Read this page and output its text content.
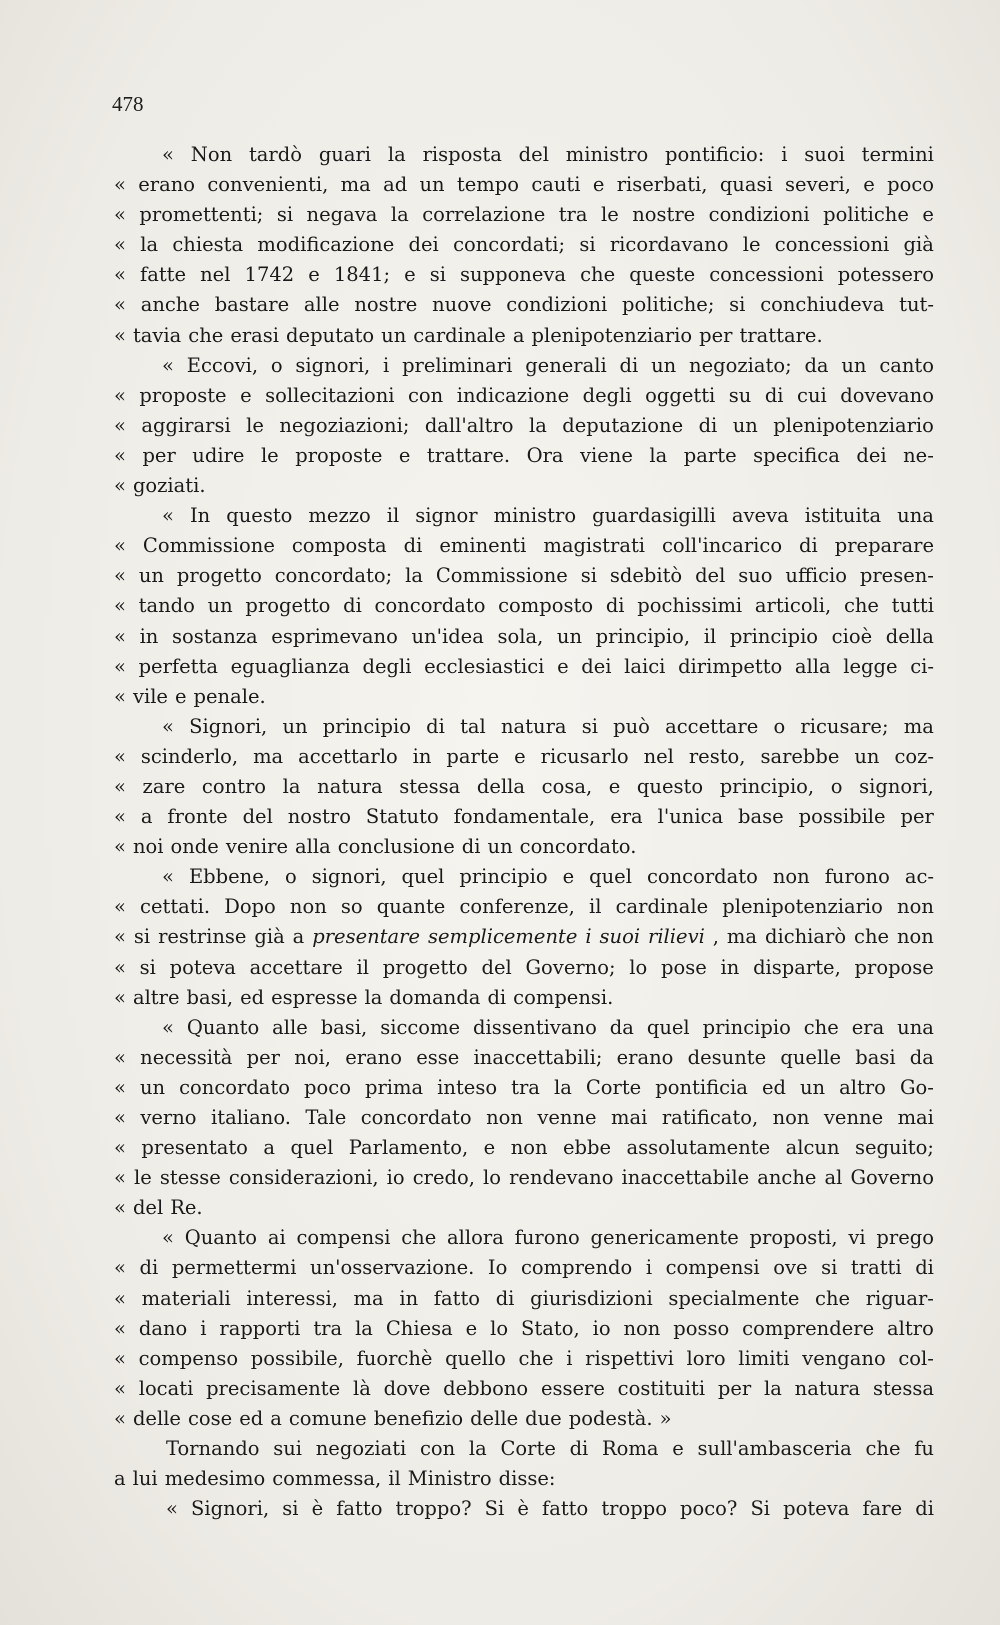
478
« Non tardò guari la risposta del ministro pontificio: i suoi termini
« erano convenienti, ma ad un tempo cauti e riserbati, quasi severi, e poco
« promettenti; si negava la correlazione tra le nostre condizioni politiche e
« la chiesta modificazione dei concordati; si ricordavano le concessioni già
« fatte nel 1742 e 1841; e si supponeva che queste concessioni potessero
« anche bastare alle nostre nuove condizioni politiche; si conchiudeva tut-
« tavia che erasi deputato un cardinale a plenipotenziario per trattare.
« Eccovi, o signori, i preliminari generali di un negoziato; da un canto
« proposte e sollecitazioni con indicazione degli oggetti su di cui dovevano
« aggirarsi le negoziazioni; dall'altro la deputazione di un plenipotenziario
« per udire le proposte e trattare. Ora viene la parte specifica dei ne-
« goziati.
« In questo mezzo il signor ministro guardasigilli aveva istituita una
« Commissione composta di eminenti magistrati coll'incarico di preparare
« un progetto concordato; la Commissione si sdebitò del suo ufficio presen-
« tando un progetto di concordato composto di pochissimi articoli, che tutti
« in sostanza esprimevano un'idea sola, un principio, il principio cioè della
« perfetta eguaglianza degli ecclesiastici e dei laici dirimpetto alla legge ci-
« vile e penale.
« Signori, un principio di tal natura si può accettare o ricusare; ma
« scinderlo, ma accettarlo in parte e ricusarlo nel resto, sarebbe un coz-
« zare contro la natura stessa della cosa, e questo principio, o signori,
« a fronte del nostro Statuto fondamentale, era l'unica base possibile per
« noi onde venire alla conclusione di un concordato.
« Ebbene, o signori, quel principio e quel concordato non furono ac-
« cettati. Dopo non so quante conferenze, il cardinale plenipotenziario non
« si restrinse già a presentare semplicemente i suoi rilievi , ma dichiarò che non
« si poteva accettare il progetto del Governo; lo pose in disparte, propose
« altre basi, ed espresse la domanda di compensi.
« Quanto alle basi, siccome dissentivano da quel principio che era una
« necessità per noi, erano esse inaccettabili; erano desunte quelle basi da
« un concordato poco prima inteso tra la Corte pontificia ed un altro Go-
« verno italiano. Tale concordato non venne mai ratificato, non venne mai
« presentato a quel Parlamento, e non ebbe assolutamente alcun seguito;
« le stesse considerazioni, io credo, lo rendevano inaccettabile anche al Governo
« del Re.
« Quanto ai compensi che allora furono genericamente proposti, vi prego
« di permettermi un'osservazione. Io comprendo i compensi ove si tratti di
« materiali interessi, ma in fatto di giurisdizioni specialmente che riguar-
« dano i rapporti tra la Chiesa e lo Stato, io non posso comprendere altro
« compenso possibile, fuorchè quello che i rispettivi loro limiti vengano col-
« locati precisamente là dove debbono essere costituiti per la natura stessa
« delle cose ed a comune benefizio delle due podestà. »
Tornando sui negoziati con la Corte di Roma e sull'ambasceria che fu
a lui medesimo commessa, il Ministro disse:
« Signori, si è fatto troppo? Si è fatto troppo poco? Si poteva fare di
